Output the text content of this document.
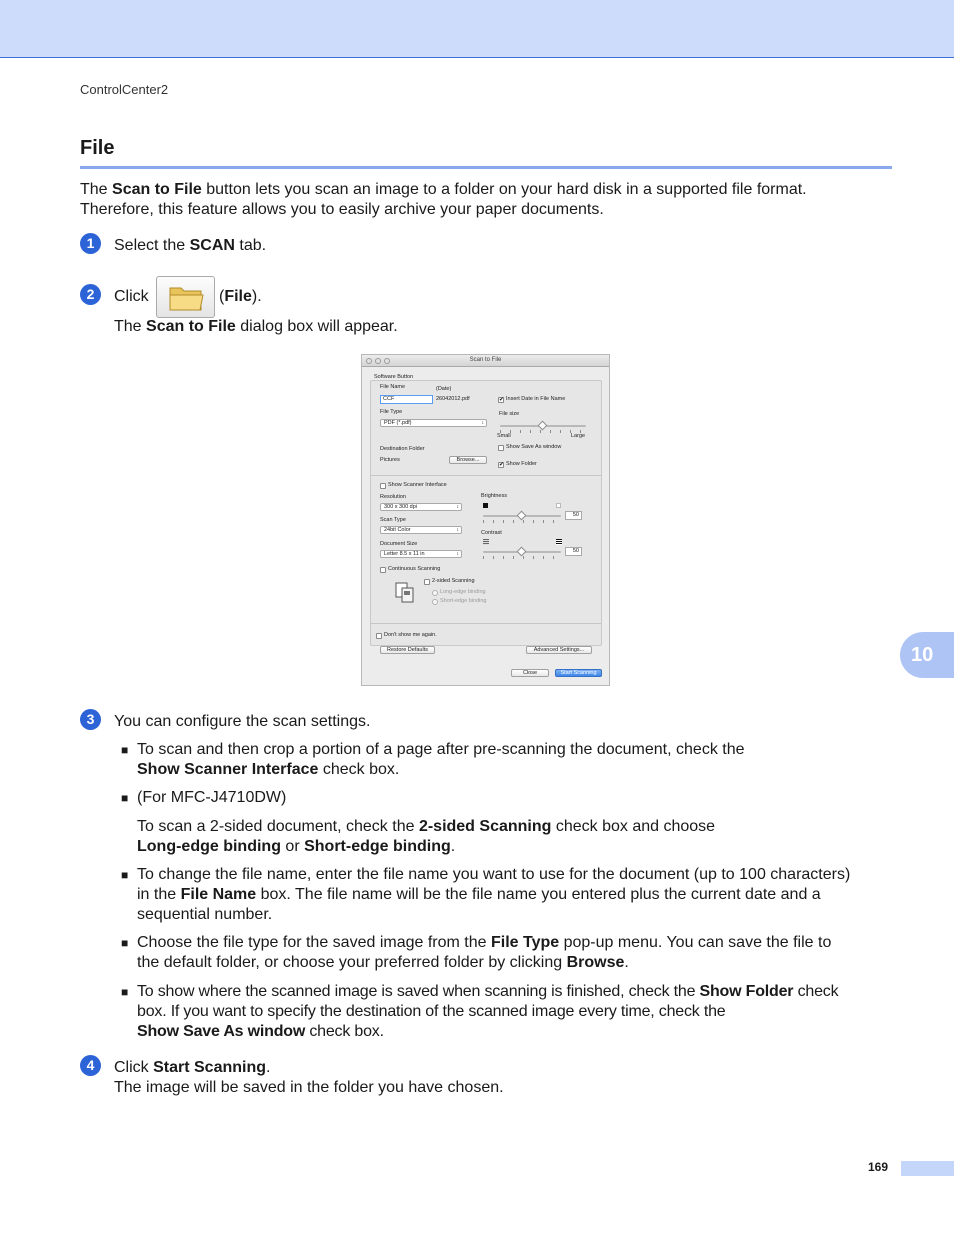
ControlCenter2
File
The Scan to File button lets you scan an image to a folder on your hard disk in a supported file format.
Therefore, this feature allows you to easily archive your paper documents.
1	Select the SCAN tab.
2	Click	(File).
The Scan to File dialog box will appear.
Scan to File
Software Button
File Name	(Date)
CCF	26042012.pdf
✔	Insert Date in File Name
File Type
PDF (*.pdf) ↕
File size
Small	Large
Destination Folder	Show Save As window
Pictures	Browse...
✔
Show Folder
Show Scanner Interface
Resolution
300 x 300 dpi ↕
Brightness
50
Scan Type
24bit Color ↕	Contrast
50
Document Size
Letter 8.5 x 11 in ↕
Continuous Scanning
2-sided Scanning
Long-edge binding
Short-edge binding
Don't show me again.
Restore Defaults	Advanced Settings...
Close	Start Scanning
3	You can configure the scan settings.
■ To scan and then crop a portion of a page after pre-scanning the document, check the
Show Scanner Interface check box.
■ (For MFC-J4710DW)
To scan a 2-sided document, check the 2-sided Scanning check box and choose
Long-edge binding or Short-edge binding.
■ To change the file name, enter the file name you want to use for the document (up to 100 characters)
in the File Name box. The file name will be the file name you entered plus the current date and a
sequential number.
■ Choose the file type for the saved image from the File Type pop-up menu. You can save the file to
the default folder, or choose your preferred folder by clicking Browse.
■ To show where the scanned image is saved when scanning is finished, check the Show Folder check
box. If you want to specify the destination of the scanned image every time, check the
Show Save As window check box.
4	Click Start Scanning.
The image will be saved in the folder you have chosen.
10
169
